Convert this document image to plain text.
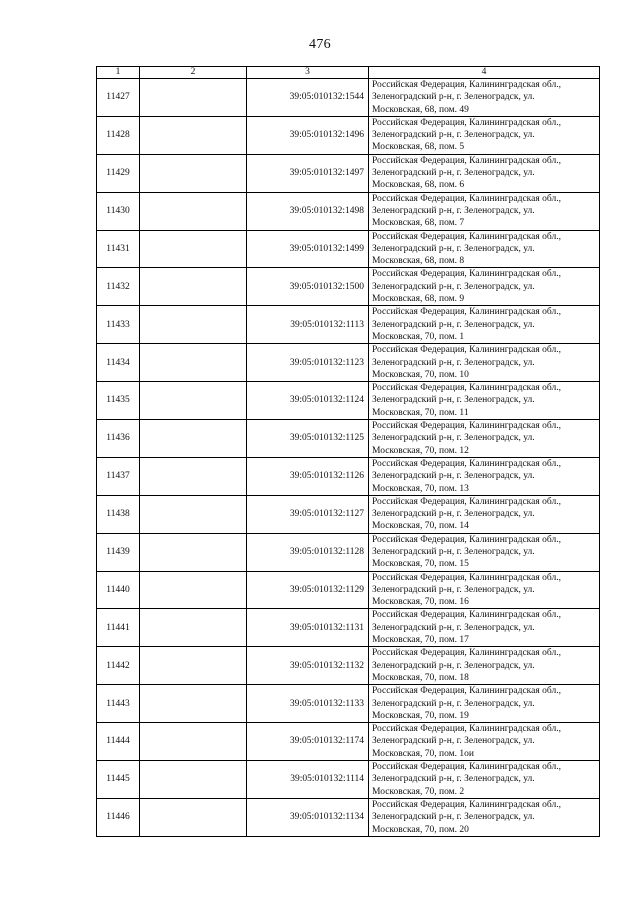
476
1	2	3	4
11427		39:05:010132:1544	Российская Федерация, Калининградская обл.,
Зеленоградский р-н, г. Зеленоградск, ул.
Московская, 68, пом. 49

11428		39:05:010132:1496	Российская Федерация, Калининградская обл.,
Зеленоградский р-н, г. Зеленоградск, ул.
Московская, 68, пом. 5

11429		39:05:010132:1497	Российская Федерация, Калининградская обл.,
Зеленоградский р-н, г. Зеленоградск, ул.
Московская, 68, пом. 6

11430		39:05:010132:1498	Российская Федерация, Калининградская обл.,
Зеленоградский р-н, г. Зеленоградск, ул.
Московская, 68, пом. 7

11431		39:05:010132:1499	Российская Федерация, Калининградская обл.,
Зеленоградский р-н, г. Зеленоградск, ул.
Московская, 68, пом. 8

11432		39:05:010132:1500	Российская Федерация, Калининградская обл.,
Зеленоградский р-н, г. Зеленоградск, ул.
Московская, 68, пом. 9

11433		39:05:010132:1113	Российская Федерация, Калининградская обл.,
Зеленоградский р-н, г. Зеленоградск, ул.
Московская, 70, пом. 1

11434		39:05:010132:1123	Российская Федерация, Калининградская обл.,
Зеленоградский р-н, г. Зеленоградск, ул.
Московская, 70, пом. 10

11435		39:05:010132:1124	Российская Федерация, Калининградская обл.,
Зеленоградский р-н, г. Зеленоградск, ул.
Московская, 70, пом. 11

11436		39:05:010132:1125	Российская Федерация, Калининградская обл.,
Зеленоградский р-н, г. Зеленоградск, ул.
Московская, 70, пом. 12

11437		39:05:010132:1126	Российская Федерация, Калининградская обл.,
Зеленоградский р-н, г. Зеленоградск, ул.
Московская, 70, пом. 13

11438		39:05:010132:1127	Российская Федерация, Калининградская обл.,
Зеленоградский р-н, г. Зеленоградск, ул.
Московская, 70, пом. 14

11439		39:05:010132:1128	Российская Федерация, Калининградская обл.,
Зеленоградский р-н, г. Зеленоградск, ул.
Московская, 70, пом. 15

11440		39:05:010132:1129	Российская Федерация, Калининградская обл.,
Зеленоградский р-н, г. Зеленоградск, ул.
Московская, 70, пом. 16

11441		39:05:010132:1131	Российская Федерация, Калининградская обл.,
Зеленоградский р-н, г. Зеленоградск, ул.
Московская, 70, пом. 17

11442		39:05:010132:1132	Российская Федерация, Калининградская обл.,
Зеленоградский р-н, г. Зеленоградск, ул.
Московская, 70, пом. 18

11443		39:05:010132:1133	Российская Федерация, Калининградская обл.,
Зеленоградский р-н, г. Зеленоградск, ул.
Московская, 70, пом. 19

11444		39:05:010132:1174	Российская Федерация, Калининградская обл.,
Зеленоградский р-н, г. Зеленоградск, ул.
Московская, 70, пом. 1ои

11445		39:05:010132:1114	Российская Федерация, Калининградская обл.,
Зеленоградский р-н, г. Зеленоградск, ул.
Московская, 70, пом. 2

11446		39:05:010132:1134	Российская Федерация, Калининградская обл.,
Зеленоградский р-н, г. Зеленоградск, ул.
Московская, 70, пом. 20
